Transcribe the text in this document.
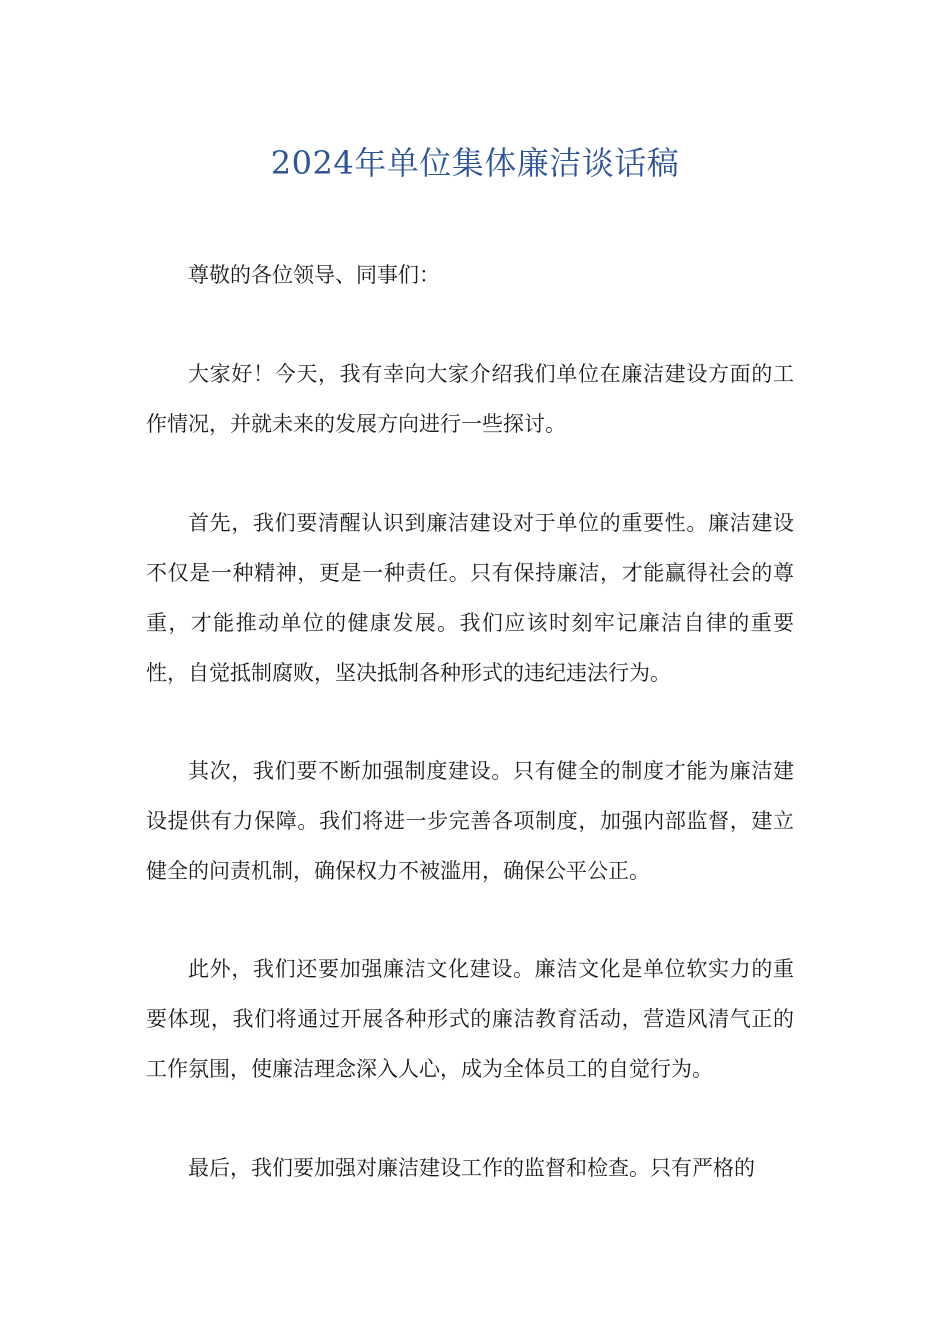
2024年单位集体廉洁谈话稿

尊敬的各位领导、同事们：

大家好！今天，我有幸向大家介绍我们单位在廉洁建设方面的工作情况，并就未来的发展方向进行一些探讨。

首先，我们要清醒认识到廉洁建设对于单位的重要性。廉洁建设不仅是一种精神，更是一种责任。只有保持廉洁，才能赢得社会的尊重，才能推动单位的健康发展。我们应该时刻牢记廉洁自律的重要性，自觉抵制腐败，坚决抵制各种形式的违纪违法行为。

其次，我们要不断加强制度建设。只有健全的制度才能为廉洁建设提供有力保障。我们将进一步完善各项制度，加强内部监督，建立健全的问责机制，确保权力不被滥用，确保公平公正。

此外，我们还要加强廉洁文化建设。廉洁文化是单位软实力的重要体现，我们将通过开展各种形式的廉洁教育活动，营造风清气正的工作氛围，使廉洁理念深入人心，成为全体员工的自觉行为。

最后，我们要加强对廉洁建设工作的监督和检查。只有严格的
